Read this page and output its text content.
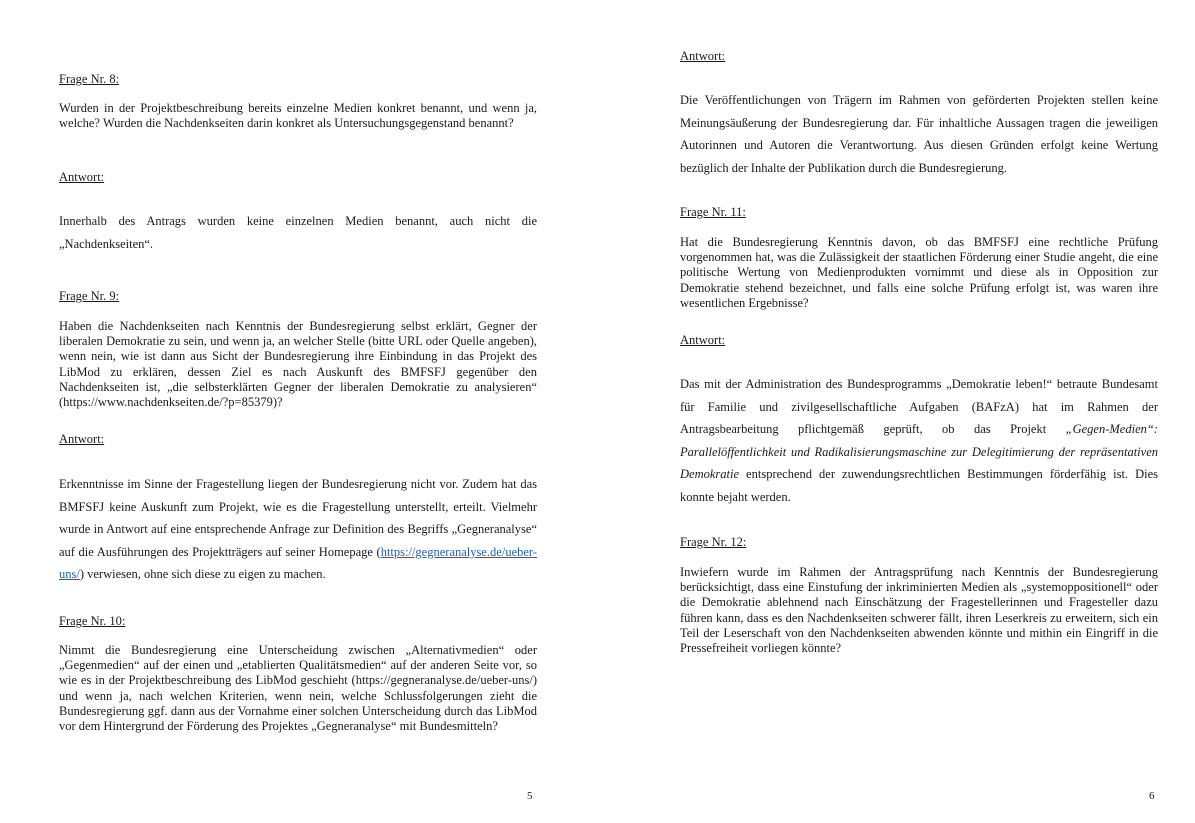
Frage Nr. 8:

Wurden in der Projektbeschreibung bereits einzelne Medien konkret benannt, und wenn ja, welche? Wurden die Nachdenkseiten darin konkret als Untersuchungsgegenstand benannt?

Antwort:

Innerhalb des Antrags wurden keine einzelnen Medien benannt, auch nicht die „Nachdenkseiten“.

Frage Nr. 9:

Haben die Nachdenkseiten nach Kenntnis der Bundesregierung selbst erklärt, Gegner der liberalen Demokratie zu sein, und wenn ja, an welcher Stelle (bitte URL oder Quelle angeben), wenn nein, wie ist dann aus Sicht der Bundesregierung ihre Einbindung in das Projekt des LibMod zu erklären, dessen Ziel es nach Auskunft des BMFSFJ gegenüber den Nachdenkseiten ist, „die selbsterklärten Gegner der liberalen Demokratie zu analysieren“ (https://www.nachdenkseiten.de/?p=85379)?

Antwort:

Erkenntnisse im Sinne der Fragestellung liegen der Bundesregierung nicht vor. Zudem hat das BMFSFJ keine Auskunft zum Projekt, wie es die Fragestellung unterstellt, erteilt. Vielmehr wurde in Antwort auf eine entsprechende Anfrage zur Definition des Begriffs „Gegneranalyse“ auf die Ausführungen des Projektträgers auf seiner Homepage (https://gegneranalyse.de/ueber-uns/) verwiesen, ohne sich diese zu eigen zu machen.

Frage Nr. 10:

Nimmt die Bundesregierung eine Unterscheidung zwischen „Alternativmedien“ oder „Gegenmedien“ auf der einen und „etablierten Qualitätsmedien“ auf der anderen Seite vor, so wie es in der Projektbeschreibung des LibMod geschieht (https://gegneranalyse.de/ueber-uns/) und wenn ja, nach welchen Kriterien, wenn nein, welche Schlussfolgerungen zieht die Bundesregierung ggf. dann aus der Vornahme einer solchen Unterscheidung durch das LibMod vor dem Hintergrund der Förderung des Projektes „Gegneranalyse“ mit Bundesmitteln?

5

Antwort:

Die Veröffentlichungen von Trägern im Rahmen von geförderten Projekten stellen keine Meinungsäußerung der Bundesregierung dar. Für inhaltliche Aussagen tragen die jeweiligen Autorinnen und Autoren die Verantwortung. Aus diesen Gründen erfolgt keine Wertung bezüglich der Inhalte der Publikation durch die Bundesregierung.

Frage Nr. 11:

Hat die Bundesregierung Kenntnis davon, ob das BMFSFJ eine rechtliche Prüfung vorgenommen hat, was die Zulässigkeit der staatlichen Förderung einer Studie angeht, die eine politische Wertung von Medienprodukten vornimmt und diese als in Opposition zur Demokratie stehend bezeichnet, und falls eine solche Prüfung erfolgt ist, was waren ihre wesentlichen Ergebnisse?

Antwort:

Das mit der Administration des Bundesprogramms „Demokratie leben!“ betraute Bundesamt für Familie und zivilgesellschaftliche Aufgaben (BAFzA) hat im Rahmen der Antragsbearbeitung pflichtgemäß geprüft, ob das Projekt „Gegen-Medien“: Parallelöffentlichkeit und Radikalisierungsmaschine zur Delegitimierung der repräsentativen Demokratie entsprechend der zuwendungsrechtlichen Bestimmungen förderfähig ist. Dies konnte bejaht werden.

Frage Nr. 12:

Inwiefern wurde im Rahmen der Antragsprüfung nach Kenntnis der Bundesregierung berücksichtigt, dass eine Einstufung der inkriminierten Medien als „systemoppositionell“ oder die Demokratie ablehnend nach Einschätzung der Fragestellerinnen und Fragesteller dazu führen kann, dass es den Nachdenkseiten schwerer fällt, ihren Leserkreis zu erweitern, sich ein Teil der Leserschaft von den Nachdenkseiten abwenden könnte und mithin ein Eingriff in die Pressefreiheit vorliegen könnte?

6
